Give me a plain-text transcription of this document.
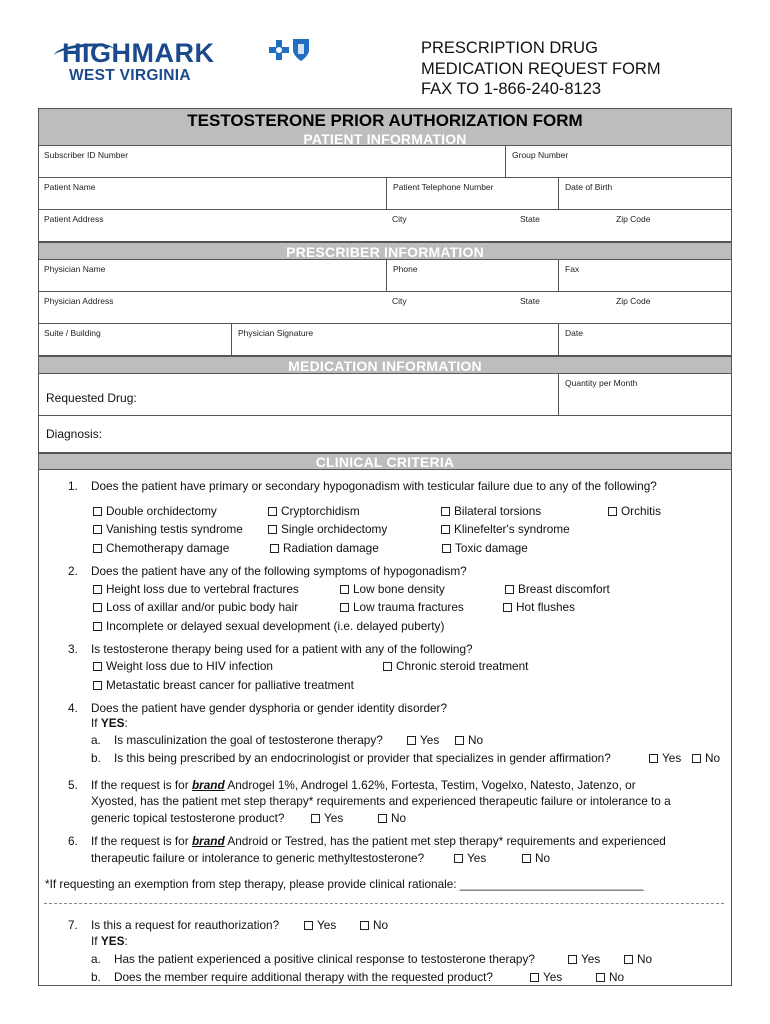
HIGHMARK
WEST VIRGINIA
PRESCRIPTION DRUG
MEDICATION REQUEST FORM
FAX TO 1-866-240-8123
TESTOSTERONE PRIOR AUTHORIZATION FORM
PATIENT INFORMATION
Subscriber ID Number	Group Number
Patient Name	Patient Telephone Number	Date of Birth
Patient Address	City	State	Zip Code
PRESCRIBER INFORMATION
Physician Name	Phone	Fax
Physician Address	City	State	Zip Code
Suite / Building	Physician Signature	Date
MEDICATION INFORMATION
Requested Drug:
Quantity per Month
Diagnosis:
CLINICAL CRITERIA
1.    Does the patient have primary or secondary hypogonadism with testicular failure due to any of the following?
Double orchidectomy	Cryptorchidism	Bilateral torsions	Orchitis
Vanishing testis syndrome	Single orchidectomy	Klinefelter's syndrome
Chemotherapy damage	Radiation damage	Toxic damage
2.    Does the patient have any of the following symptoms of hypogonadism?
Height loss due to vertebral fractures	Low bone density	Breast discomfort
Loss of axillar and/or pubic body hair	Low trauma fractures	Hot flushes
Incomplete or delayed sexual development (i.e. delayed puberty)
3.    Is testosterone therapy being used for a patient with any of the following?
Weight loss due to HIV infection	Chronic steroid treatment
Metastatic breast cancer for palliative treatment
4.    Does the patient have gender dysphoria or gender identity disorder?
If YES:
a.    Is masculinization the goal of testosterone therapy?	Yes	No
b.    Is this being prescribed by an endocrinologist or provider that specializes in gender affirmation?	Yes	No
5.    If the request is for brand Androgel 1%, Androgel 1.62%, Fortesta, Testim, Vogelxo, Natesto, Jatenzo, or
Xyosted, has the patient met step therapy* requirements and experienced therapeutic failure or intolerance to a
generic topical testosterone product?	Yes	No
6.    If the request is for brand Android or Testred, has the patient met step therapy* requirements and experienced
therapeutic failure or intolerance to generic methyltestosterone?	Yes	No
*If requesting an exemption from step therapy, please provide clinical rationale: ____________________________
7.    Is this a request for reauthorization?	Yes	No
If YES:
a.    Has the patient experienced a positive clinical response to testosterone therapy?	Yes	No
b.    Does the member require additional therapy with the requested product?	Yes	No
